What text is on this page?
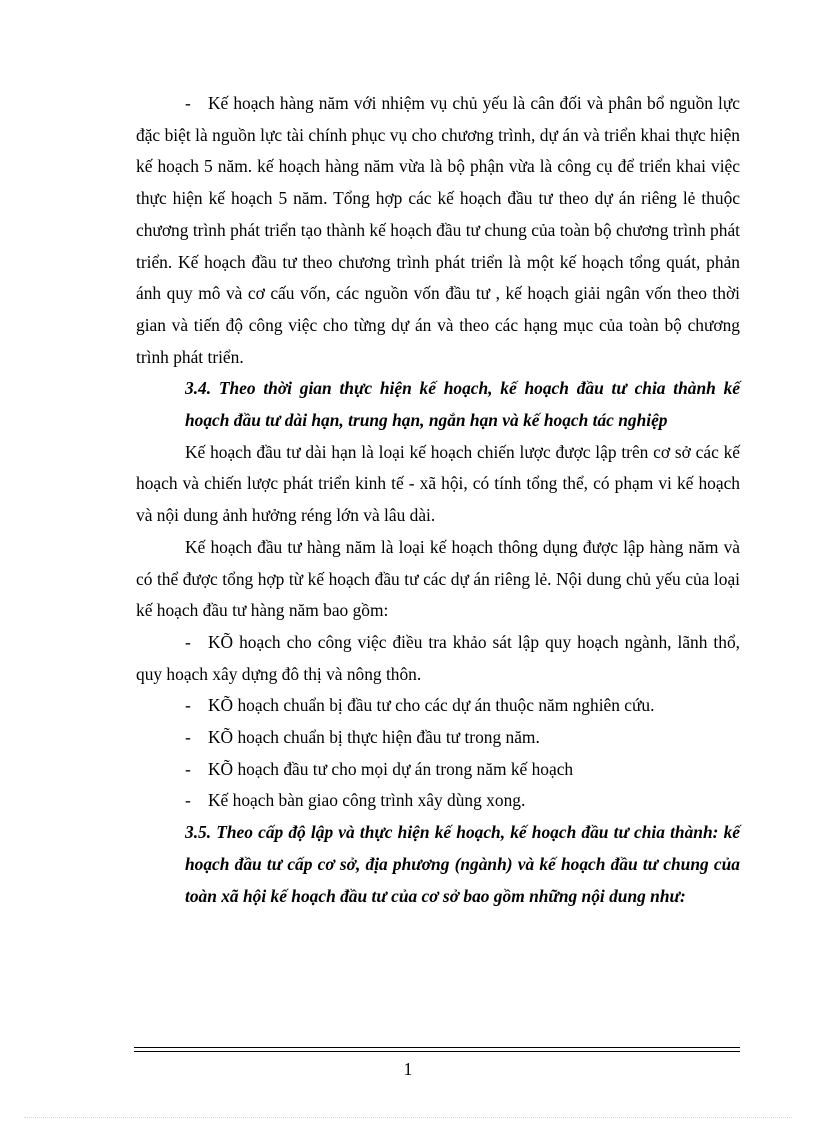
- Kế hoạch hàng năm với nhiệm vụ chủ yếu là cân đối và phân bổ nguồn lực đặc biệt là nguồn lực tài chính phục vụ cho chương trình, dự án và triển khai thực hiện kế hoạch 5 năm. kế hoạch hàng năm vừa là bộ phận vừa là công cụ để triển khai việc thực hiện kế hoạch 5 năm. Tổng hợp các kế hoạch đầu tư theo dự án riêng lẻ thuộc chương trình phát triển tạo thành kế hoạch đầu tư chung của toàn bộ chương trình phát triển. Kế hoạch đầu tư theo chương trình phát triển là một kế hoạch tổng quát, phản ánh quy mô và cơ cấu vốn, các nguồn vốn đầu tư , kế hoạch giải ngân vốn theo thời gian và tiến độ công việc cho từng dự án và theo các hạng mục của toàn bộ chương trình phát triển.

3.4. Theo thời gian thực hiện kế hoạch, kế hoạch đầu tư chia thành kế hoạch đầu tư dài hạn, trung hạn, ngắn hạn và kế hoạch tác nghiệp

Kế hoạch đầu tư dài hạn là loại kế hoạch chiến lược được lập trên cơ sở các kế hoạch và chiến lược phát triển kinh tế - xã hội, có tính tổng thể, có phạm vi kế hoạch và nội dung ảnh hưởng réng lớn và lâu dài.

Kế hoạch đầu tư hàng năm là loại kế hoạch thông dụng được lập hàng năm và có thể được tổng hợp từ kế hoạch đầu tư các dự án riêng lẻ. Nội dung chủ yếu của loại kế hoạch đầu tư hàng năm bao gồm:

- KÕ hoạch cho công việc điều tra khảo sát lập quy hoạch ngành, lãnh thổ, quy hoạch xây dựng đô thị và nông thôn.

- KÕ hoạch chuẩn bị đầu tư cho các dự án thuộc năm nghiên cứu.

- KÕ hoạch chuẩn bị thực hiện đầu tư trong năm.

- KÕ hoạch đầu tư cho mọi dự án trong năm kế hoạch

- Kế hoạch bàn giao công trình xây dùng xong.

3.5. Theo cấp độ lập và thực hiện kế hoạch, kế hoạch đầu tư chia thành: kế hoạch đầu tư cấp cơ sở, địa phương (ngành) và kế hoạch đầu tư chung của toàn xã hội kế hoạch đầu tư của cơ sở bao gồm những nội dung như:

1
